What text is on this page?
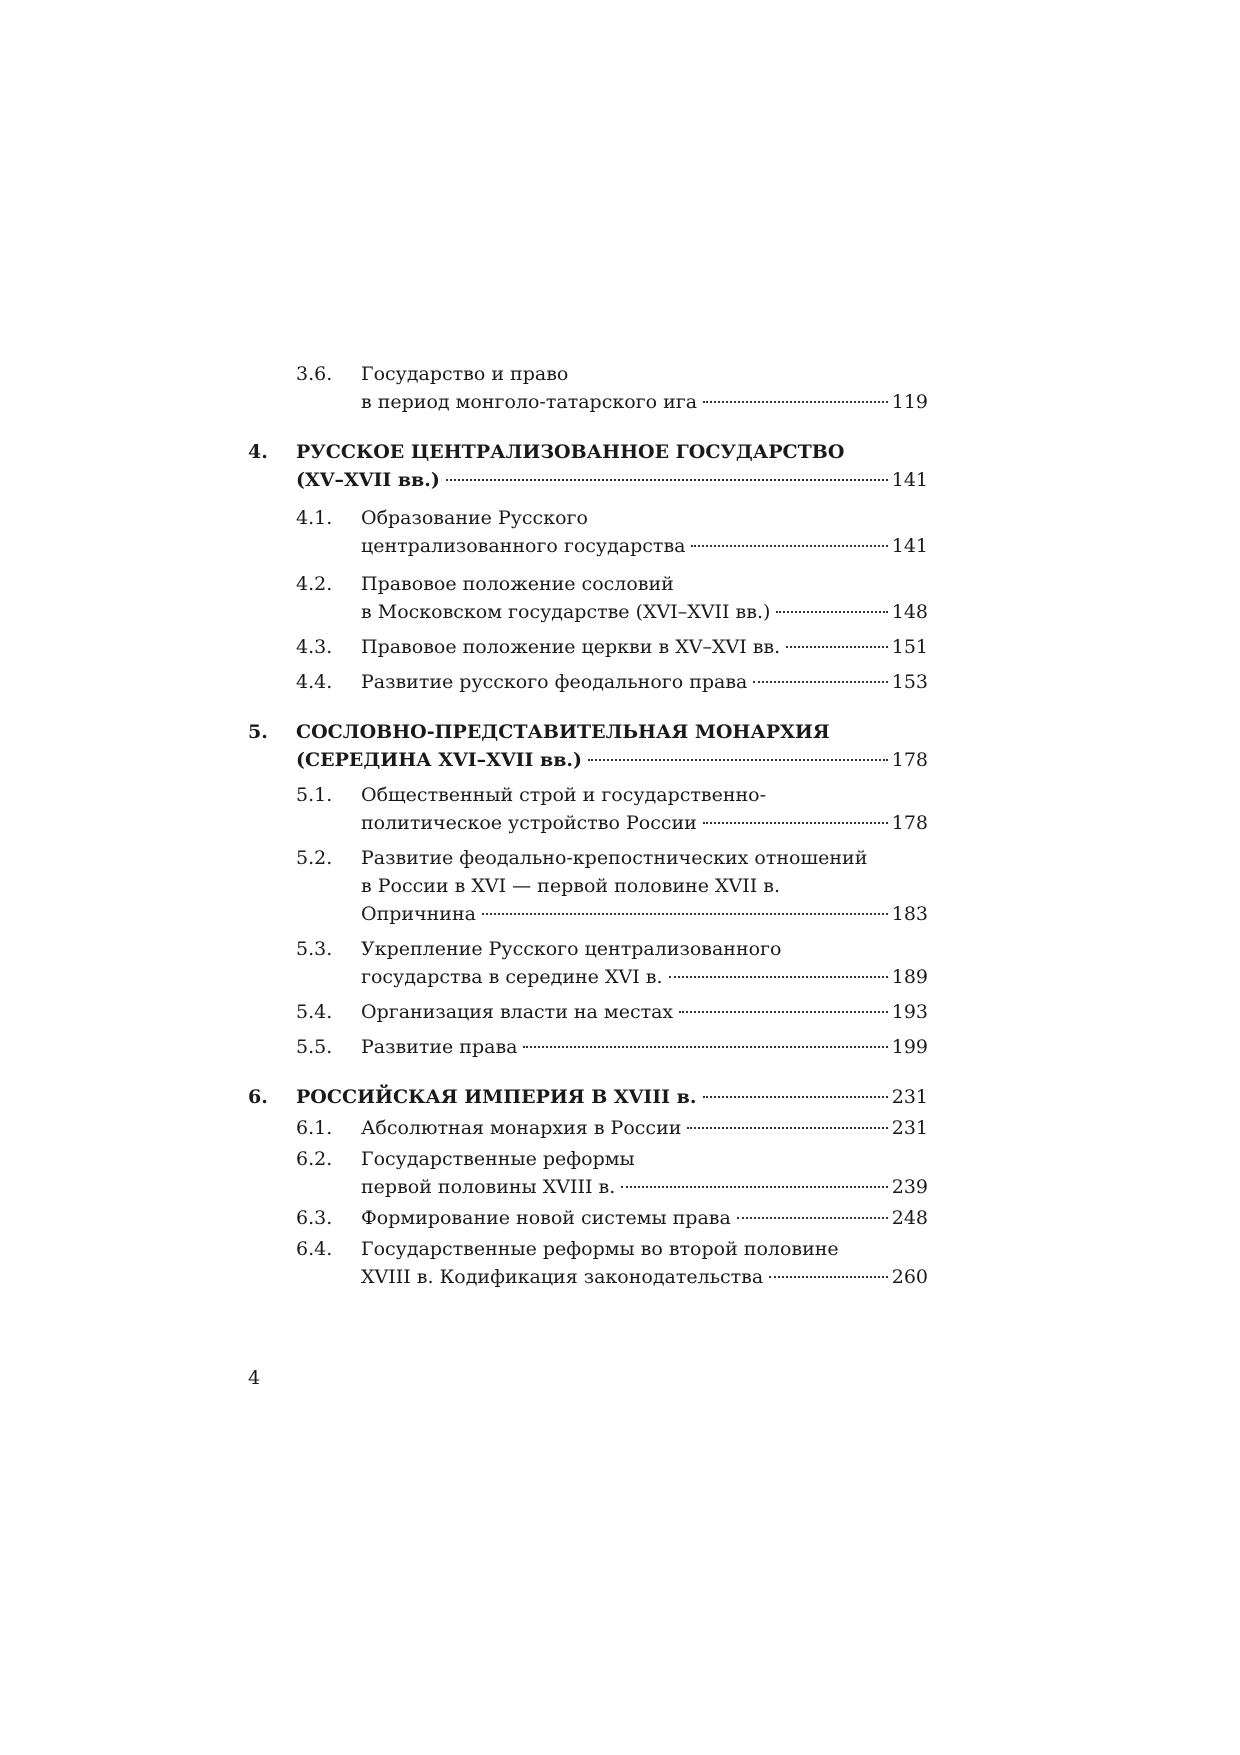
3.6. Государство и право
в период монголо-татарского ига	119
4. РУССКОЕ ЦЕНТРАЛИЗОВАННОЕ ГОСУДАРСТВО
(XV–XVII вв.)	141
4.1. Образование Русского
централизованного государства	141
4.2. Правовое положение сословий
в Московском государстве (XVI–XVII вв.)	148
4.3. Правовое положение церкви в XV–XVI вв.	151
4.4. Развитие русского феодального права	153
5. СОСЛОВНО-ПРЕДСТАВИТЕЛЬНАЯ МОНАРХИЯ
(СЕРЕДИНА XVI–XVII вв.)	178
5.1. Общественный строй и государственно-
политическое устройство России	178
5.2. Развитие феодально-крепостнических отношений
в России в XVI — первой половине XVII в.
Опричнина	183
5.3. Укрепление Русского централизованного
государства в середине XVI в.	189
5.4. Организация власти на местах	193
5.5. Развитие права	199
6. РОССИЙСКАЯ ИМПЕРИЯ В XVIII в.	231
6.1. Абсолютная монархия в России	231
6.2. Государственные реформы
первой половины XVIII в.	239
6.3. Формирование новой системы права	248
6.4. Государственные реформы во второй половине
XVIII в. Кодификация законодательства	260
4
